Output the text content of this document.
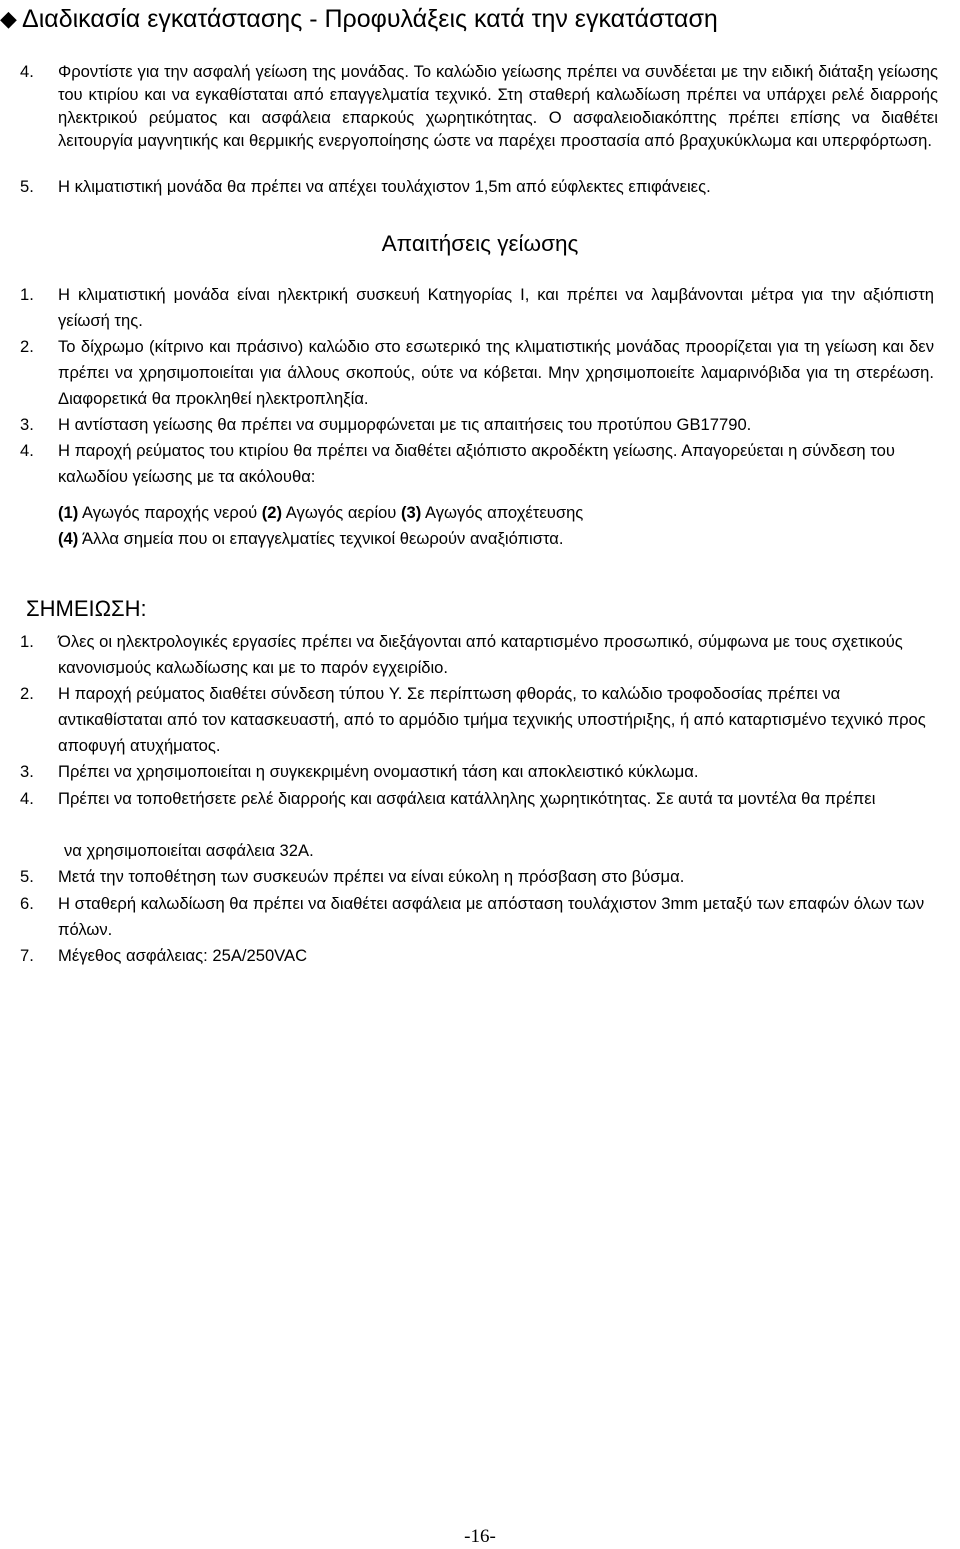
◆ Διαδικασία εγκατάστασης - Προφυλάξεις κατά την εγκατάσταση
4. Φροντίστε για την ασφαλή γείωση της μονάδας. Το καλώδιο γείωσης πρέπει να συνδέεται με την ειδική διάταξη γείωσης του κτιρίου και να εγκαθίσταται από επαγγελματία τεχνικό. Στη σταθερή καλωδίωση πρέπει να υπάρχει ρελέ διαρροής ηλεκτρικού ρεύματος και ασφάλεια επαρκούς χωρητικότητας. Ο ασφαλειοδιακόπτης πρέπει επίσης να διαθέτει λειτουργία μαγνητικής και θερμικής ενεργοποίησης ώστε να παρέχει προστασία από βραχυκύκλωμα και υπερφόρτωση.
5. Η κλιματιστική μονάδα θα πρέπει να απέχει τουλάχιστον 1,5m από εύφλεκτες επιφάνειες.
Απαιτήσεις γείωσης
1. Η κλιματιστική μονάδα είναι ηλεκτρική συσκευή Κατηγορίας I, και πρέπει να λαμβάνονται μέτρα για την αξιόπιστη γείωσή της.
2. Το δίχρωμο (κίτρινο και πράσινο) καλώδιο στο εσωτερικό της κλιματιστικής μονάδας προορίζεται για τη γείωση και δεν πρέπει να χρησιμοποιείται για άλλους σκοπούς, ούτε να κόβεται. Μην χρησιμοποιείτε λαμαρινόβιδα για τη στερέωση. Διαφορετικά θα προκληθεί ηλεκτροπληξία.
3. Η αντίσταση γείωσης θα πρέπει να συμμορφώνεται με τις απαιτήσεις του προτύπου GB17790.
4. Η παροχή ρεύματος του κτιρίου θα πρέπει να διαθέτει αξιόπιστο ακροδέκτη γείωσης. Απαγορεύεται η σύνδεση του καλωδίου γείωσης με τα ακόλουθα:
(1) Αγωγός παροχής νερού (2) Αγωγός αερίου (3) Αγωγός αποχέτευσης
(4) Άλλα σημεία που οι επαγγελματίες τεχνικοί θεωρούν αναξιόπιστα.
ΣΗΜΕΙΩΣΗ:
1. Όλες οι ηλεκτρολογικές εργασίες πρέπει να διεξάγονται από καταρτισμένο προσωπικό, σύμφωνα με τους σχετικούς κανονισμούς καλωδίωσης και με το παρόν εγχειρίδιο.
2. Η παροχή ρεύματος διαθέτει σύνδεση τύπου Y. Σε περίπτωση φθοράς, το καλώδιο τροφοδοσίας πρέπει να αντικαθίσταται από τον κατασκευαστή, από το αρμόδιο τμήμα τεχνικής υποστήριξης, ή από καταρτισμένο τεχνικό προς αποφυγή ατυχήματος.
3. Πρέπει να χρησιμοποιείται η συγκεκριμένη ονομαστική τάση και αποκλειστικό κύκλωμα.
4. Πρέπει να τοποθετήσετε ρελέ διαρροής και ασφάλεια κατάλληλης χωρητικότητας. Σε αυτά τα μοντέλα θα πρέπει
να χρησιμοποιείται ασφάλεια 32A.
5. Μετά την τοποθέτηση των συσκευών πρέπει να είναι εύκολη η πρόσβαση στο βύσμα.
6. Η σταθερή καλωδίωση θα πρέπει να διαθέτει ασφάλεια με απόσταση τουλάχιστον 3mm μεταξύ των επαφών όλων των πόλων.
7. Μέγεθος ασφάλειας: 25A/250VAC
-16-
